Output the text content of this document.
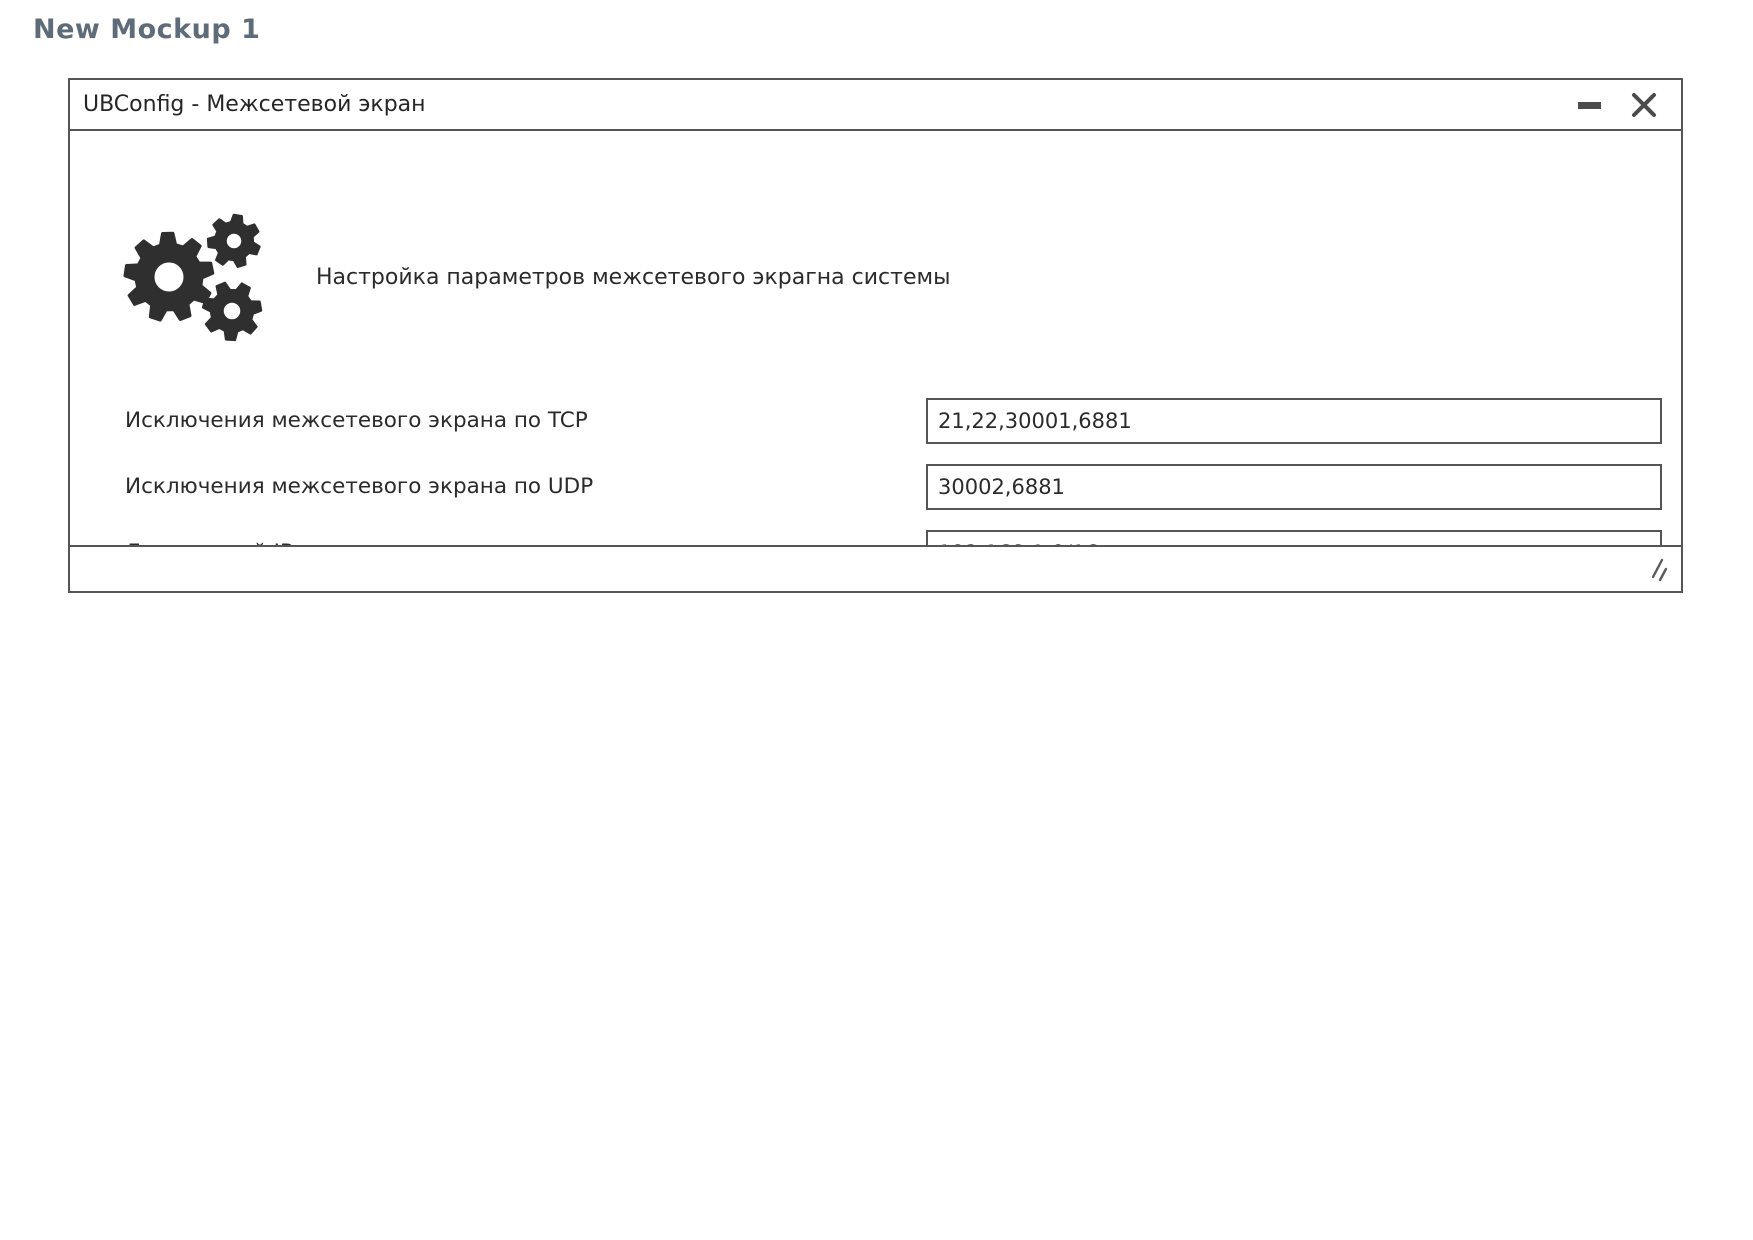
New Mockup 1
UBConfig - Межсетевой экран
Настройка параметров межсетевого экрагна системы
Исключения межсетевого экрана по TCP
21,22,30001,6881
Исключения межсетевого экрана по UDP
30002,6881
192.168.1.0/16
